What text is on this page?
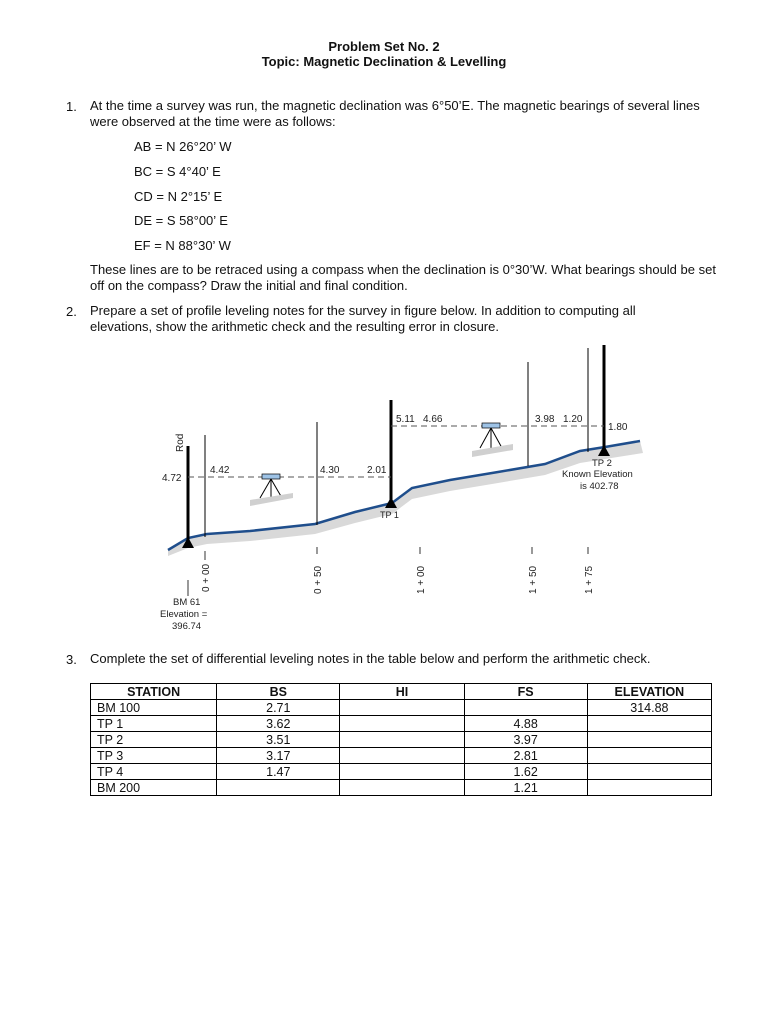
Problem Set No. 2
Topic: Magnetic Declination & Levelling
1. At the time a survey was run, the magnetic declination was 6°50’E. The magnetic bearings of several lines were observed at the time were as follows:
AB = N 26°20’ W
BC = S 4°40’ E
CD = N 2°15’ E
DE = S 58°00’ E
EF = N 88°30’ W
These lines are to be retraced using a compass when the declination is 0°30’W. What bearings should be set off on the compass? Draw the initial and final condition.
2. Prepare a set of profile leveling notes for the survey in figure below. In addition to computing all elevations, show the arithmetic check and the resulting error in closure.
Rod
4.72
4.42	4.30	2.01
5.11 4.66	3.98 1.20
1.80
TP 1
TP 2
Known Elevation
is 402.78
BM 61
Elevation =
396.74
0 + 00	0 + 50	1 + 00	1 + 50	1 + 75
3. Complete the set of differential leveling notes in the table below and perform the arithmetic check.
STATION	BS	HI	FS	ELEVATION
BM 100	2.71			314.88
TP 1	3.62		4.88	
TP 2	3.51		3.97	
TP 3	3.17		2.81	
TP 4	1.47		1.62	
BM 200			1.21	
